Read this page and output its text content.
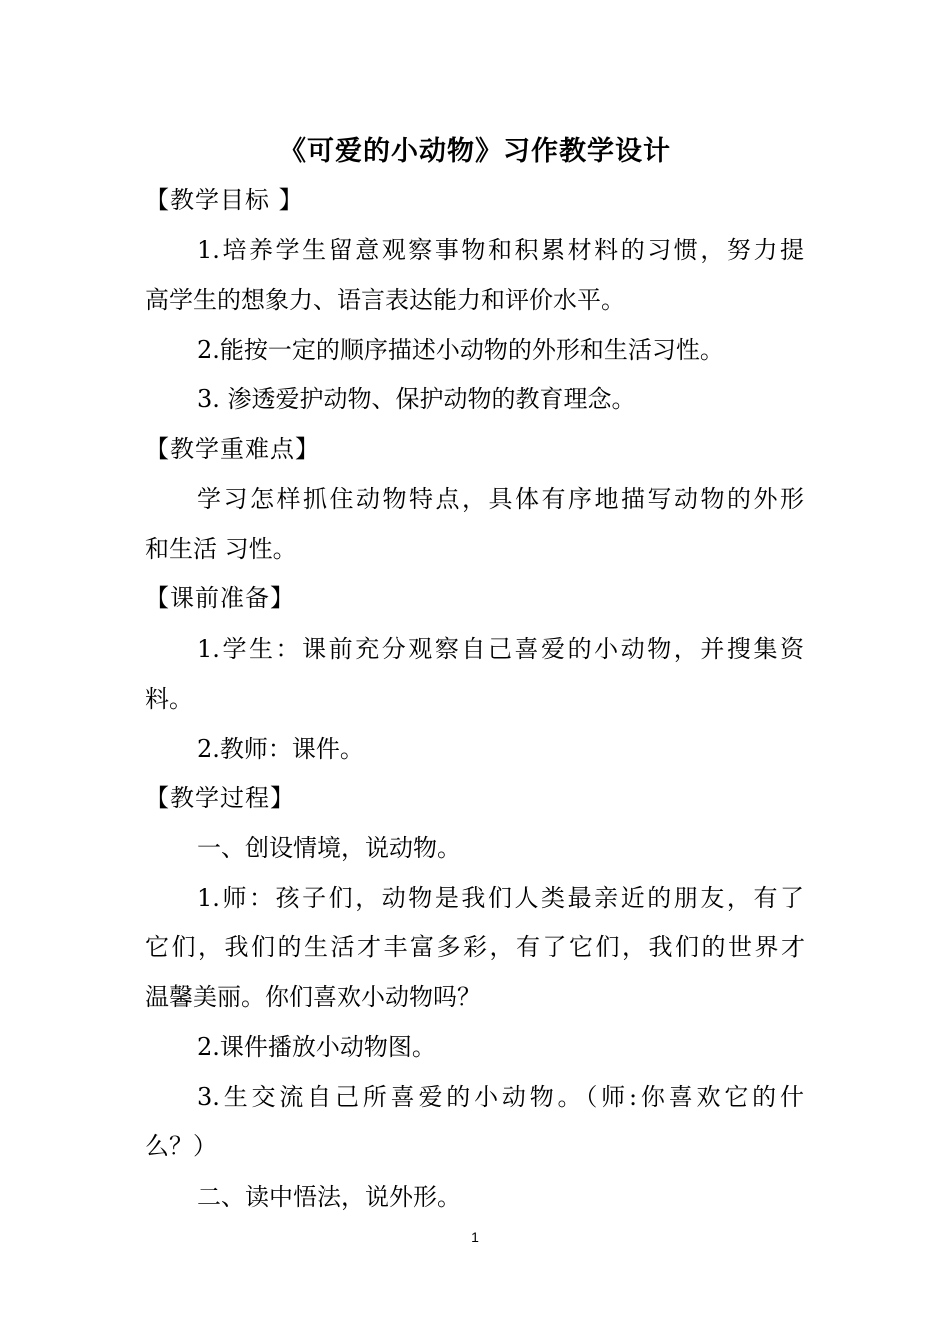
《可爱的小动物》习作教学设计

【教学目标 】

1.培养学生留意观察事物和积累材料的习惯，努力提

高学生的想象力、语言表达能力和评价水平。

2.能按一定的顺序描述小动物的外形和生活习性。

3. 渗透爱护动物、保护动物的教育理念。

【教学重难点】

学习怎样抓住动物特点，具体有序地描写动物的外形

和生活 习性。

【课前准备】

1.学生：课前充分观察自己喜爱的小动物，并搜集资

料。

2.教师：课件。

【教学过程】

一、创设情境，说动物。

1.师：孩子们，动物是我们人类最亲近的朋友，有了

它们，我们的生活才丰富多彩，有了它们，我们的世界才

温馨美丽。你们喜欢小动物吗？

2.课件播放小动物图。

3.生交流自己所喜爱的小动物。（师:你喜欢它的什

么？）

二、读中悟法，说外形。

1
